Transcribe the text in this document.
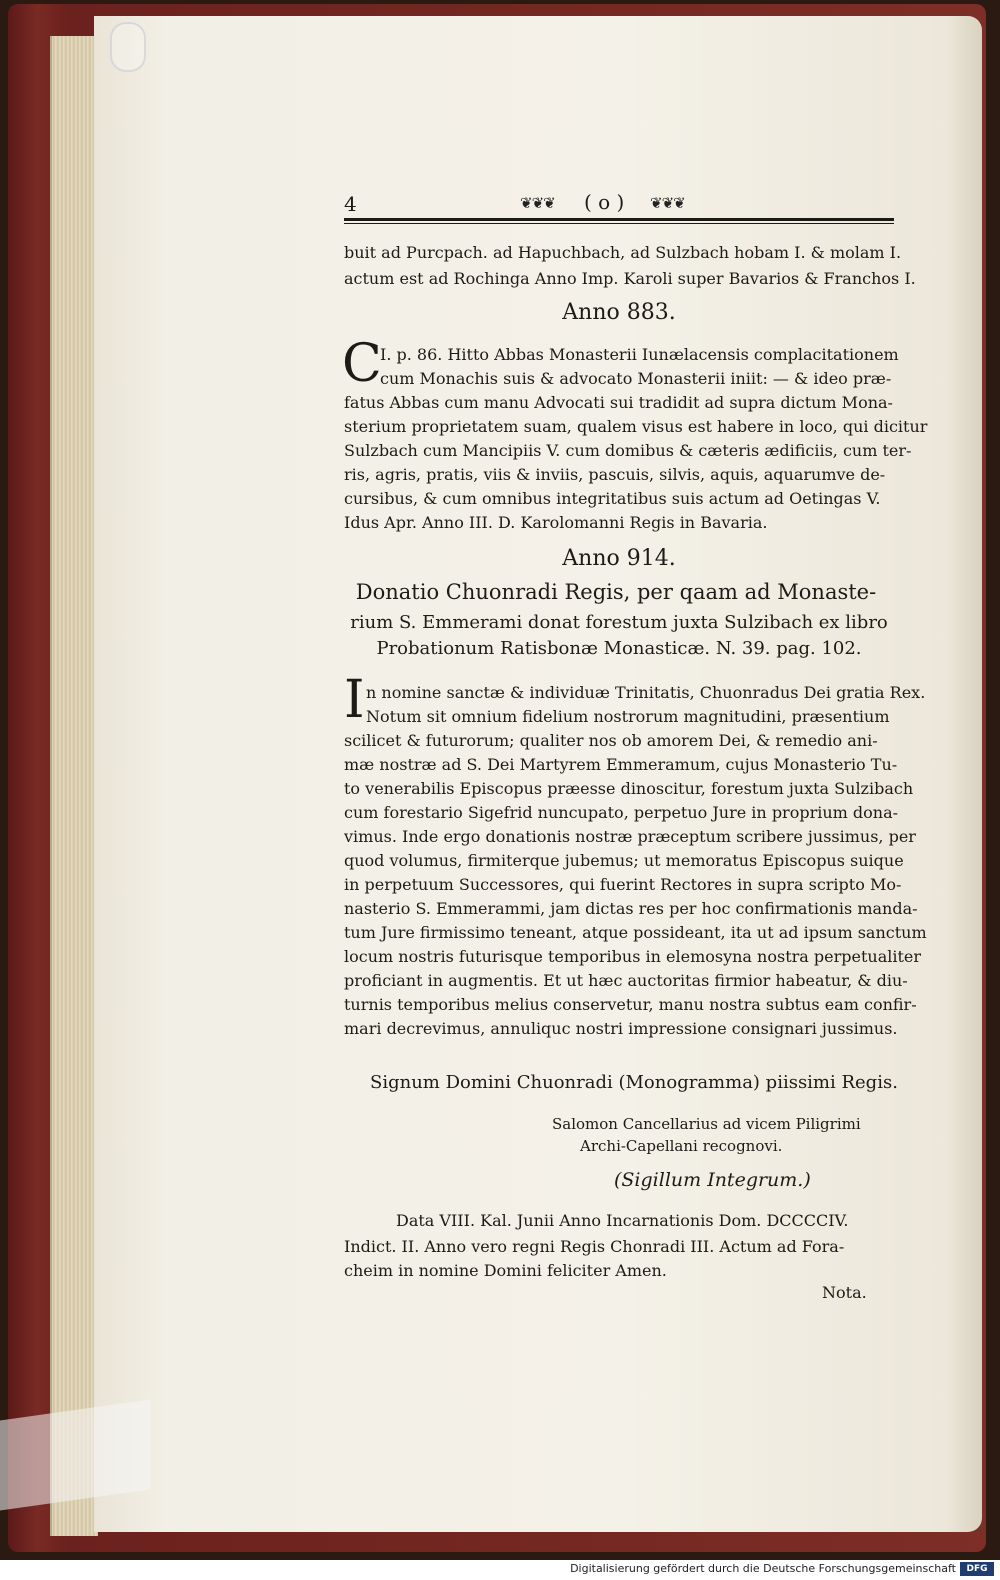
4	❦❦❦	( o ) ❦❦❦
buit ad Purcpach. ad Hapuchbach, ad Sulzbach hobam I. & molam I.
actum est ad Rochinga Anno Imp. Karoli super Bavarios & Franchos I.
Anno 883.
C
I. p. 86. Hitto Abbas Monasterii Iunælacensis complacitationem
cum Monachis suis & advocato Monasterii iniit: — & ideo præ-
fatus Abbas cum manu Advocati sui tradidit ad supra dictum Mona-
sterium proprietatem suam, qualem visus est habere in loco, qui dicitur
Sulzbach cum Mancipiis V. cum domibus & cæteris ædificiis, cum ter-
ris, agris, pratis, viis & inviis, pascuis, silvis, aquis, aquarumve de-
cursibus, & cum omnibus integritatibus suis actum ad Oetingas V.
Idus Apr. Anno III. D. Karolomanni Regis in Bavaria.
Anno 914.
Donatio Chuonradi Regis, per qaam ad Monaste-
rium S. Emmerami donat forestum juxta Sulzibach ex libro
Probationum Ratisbonæ Monasticæ. N. 39. pag. 102.
I n nomine sanctæ & individuæ Trinitatis, Chuonradus Dei gratia Rex.
Notum sit omnium fidelium nostrorum magnitudini, præsentium
scilicet & futurorum; qualiter nos ob amorem Dei, & remedio ani-
mæ nostræ ad S. Dei Martyrem Emmeramum, cujus Monasterio Tu-
to venerabilis Episcopus præesse dinoscitur, forestum juxta Sulzibach
cum forestario Sigefrid nuncupato, perpetuo Jure in proprium dona-
vimus. Inde ergo donationis nostræ præceptum scribere jussimus, per
quod volumus, firmiterque jubemus; ut memoratus Episcopus suique
in perpetuum Successores, qui fuerint Rectores in supra scripto Mo-
nasterio S. Emmerammi, jam dictas res per hoc confirmationis manda-
tum Jure firmissimo teneant, atque possideant, ita ut ad ipsum sanctum
locum nostris futurisque temporibus in elemosyna nostra perpetualiter
proficiant in augmentis. Et ut hæc auctoritas firmior habeatur, & diu-
turnis temporibus melius conservetur, manu nostra subtus eam confir-
mari decrevimus, annuliquc nostri impressione consignari jussimus.
Signum Domini Chuonradi (Monogramma) piissimi Regis.
Salomon Cancellarius ad vicem Piligrimi
Archi-Capellani recognovi.
(Sigillum Integrum.)
Data VIII. Kal. Junii Anno Incarnationis Dom. DCCCCIV.
Indict. II. Anno vero regni Regis Chonradi III. Actum ad Fora-
cheim in nomine Domini feliciter Amen.
Nota.
Digitalisierung gefördert durch die Deutsche Forschungsgemeinschaft	DFG
